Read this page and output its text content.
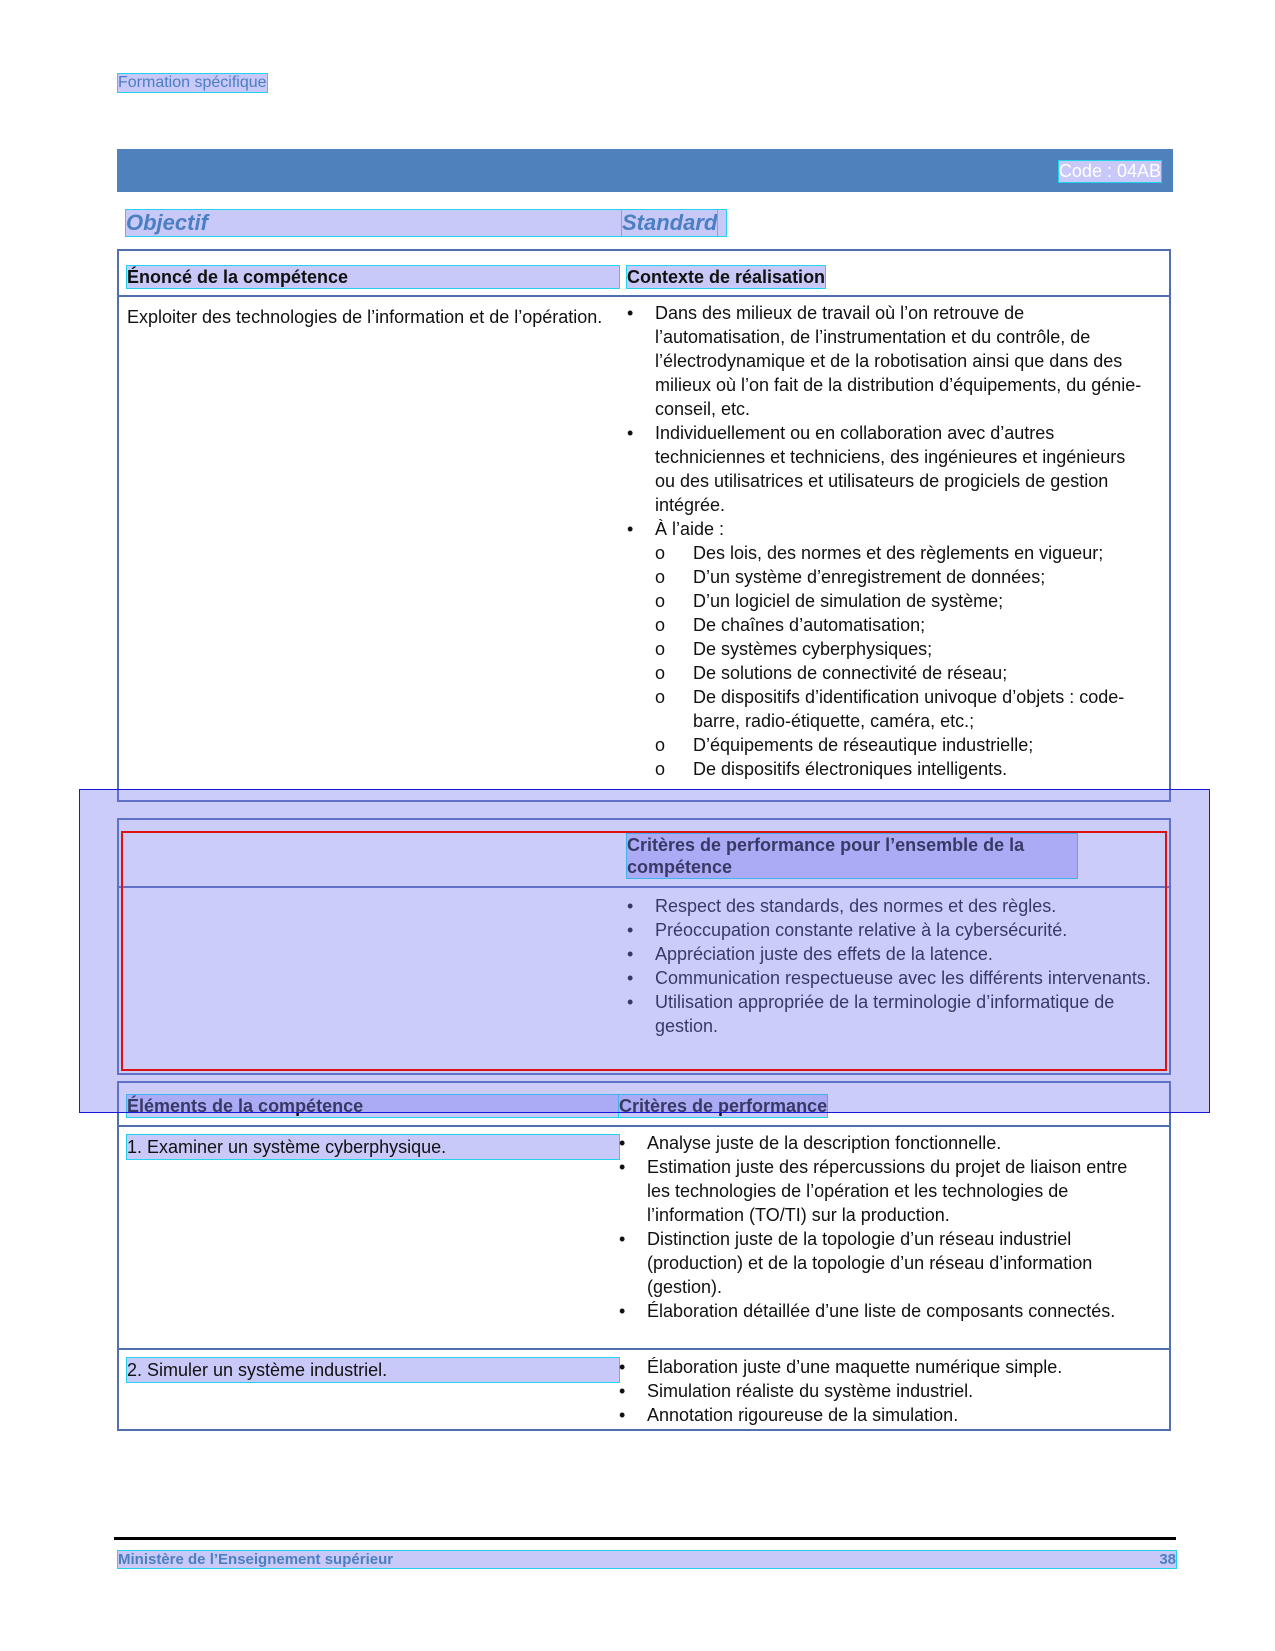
Formation spécifique
Code : 04AB
Objectif	Standard
Énoncé de la compétence	Contexte de réalisation
Exploiter des technologies de l’information et de l’opération.	• Dans des milieux de travail où l’on retrouve de l’automatisation, de l’instrumentation et du contrôle, de l’électrodynamique et de la robotisation ainsi que dans des milieux où l’on fait de la distribution d’équipements, du génie-conseil, etc.
• Individuellement ou en collaboration avec d’autres techniciennes et techniciens, des ingénieures et ingénieurs ou des utilisatrices et utilisateurs de progiciels de gestion intégrée.
• À l’aide :
o Des lois, des normes et des règlements en vigueur;
o D’un système d’enregistrement de données;
o D’un logiciel de simulation de système;
o De chaînes d’automatisation;
o De systèmes cyberphysiques;
o De solutions de connectivité de réseau;
o De dispositifs d’identification univoque d’objets : code-barre, radio-étiquette, caméra, etc.;
o D’équipements de réseautique industrielle;
o De dispositifs électroniques intelligents.
Critères de performance pour l’ensemble de la compétence
• Respect des standards, des normes et des règles.
• Préoccupation constante relative à la cybersécurité.
• Appréciation juste des effets de la latence.
• Communication respectueuse avec les différents intervenants.
• Utilisation appropriée de la terminologie d’informatique de gestion.
Éléments de la compétence	Critères de performance
1. Examiner un système cyberphysique.	• Analyse juste de la description fonctionnelle.
• Estimation juste des répercussions du projet de liaison entre les technologies de l’opération et les technologies de l’information (TO/TI) sur la production.
• Distinction juste de la topologie d’un réseau industriel (production) et de la topologie d’un réseau d’information (gestion).
• Élaboration détaillée d’une liste de composants connectés.
2. Simuler un système industriel.	• Élaboration juste d’une maquette numérique simple.
• Simulation réaliste du système industriel.
• Annotation rigoureuse de la simulation.
Ministère de l’Enseignement supérieur	38
